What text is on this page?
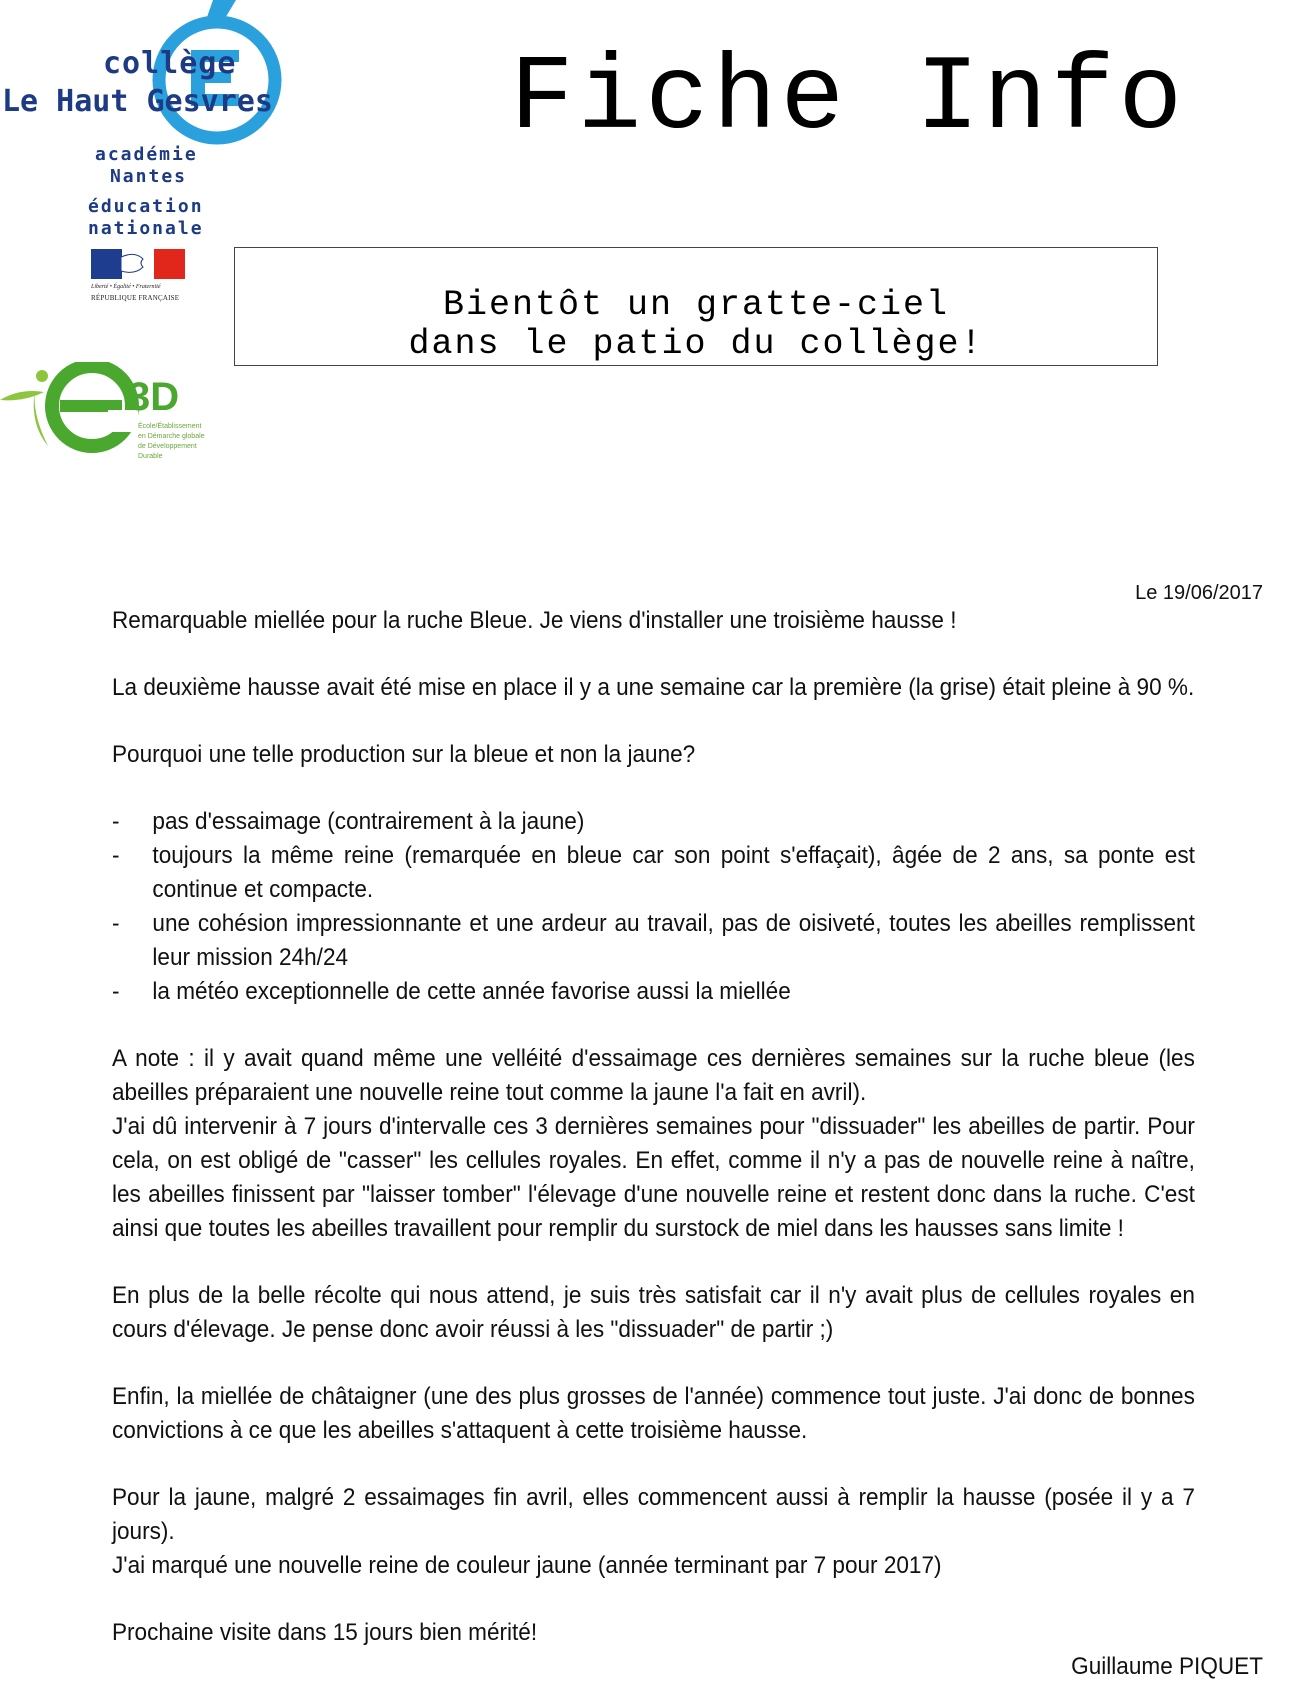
collège
Le Haut Gesvres
académie
Nantes
éducation
nationale
Liberté • Égalité • Fraternité
RÉPUBLIQUE FRANÇAISE
3D
École/Établissement
en Démarche globale
de Développement
Durable
Fiche Info
Bientôt un gratte-ciel
dans le patio du collège!
Le 19/06/2017

Remarquable miellée pour la ruche Bleue. Je viens d'installer une troisième hausse !

La deuxième hausse avait été mise en place il y a une semaine car la première (la grise) était pleine à 90 %.

Pourquoi une telle production sur la bleue et non la jaune?

- pas d'essaimage (contrairement à la jaune)
- toujours la même reine (remarquée en bleue car son point s'effaçait), âgée de 2 ans, sa ponte est continue et compacte.
- une cohésion impressionnante et une ardeur au travail, pas de oisiveté, toutes les abeilles remplissent leur mission 24h/24
- la météo exceptionnelle de cette année favorise aussi la miellée

A note : il y avait quand même une velléité d'essaimage ces dernières semaines sur la ruche bleue (les abeilles préparaient une nouvelle reine tout comme la jaune l'a fait en avril).

J'ai dû intervenir à 7 jours d'intervalle ces 3 dernières semaines pour "dissuader" les abeilles de partir. Pour cela, on est obligé de "casser" les cellules royales. En effet, comme il n'y a pas de nouvelle reine à naître, les abeilles finissent par "laisser tomber" l'élevage d'une nouvelle reine et restent donc dans la ruche. C'est ainsi que toutes les abeilles travaillent pour remplir du surstock de miel dans les hausses sans limite !

En plus de la belle récolte qui nous attend, je suis très satisfait car il n'y avait plus de cellules royales en cours d'élevage. Je pense donc avoir réussi à les "dissuader" de partir ;)

Enfin, la miellée de châtaigner (une des plus grosses de l'année) commence tout juste. J'ai donc de bonnes convictions à ce que les abeilles s'attaquent à cette troisième hausse.

Pour la jaune, malgré 2 essaimages fin avril, elles commencent aussi à remplir la hausse (posée il y a 7 jours).

J'ai marqué une nouvelle reine de couleur jaune (année terminant par 7 pour 2017)

Prochaine visite dans 15 jours bien mérité!

Guillaume PIQUET
